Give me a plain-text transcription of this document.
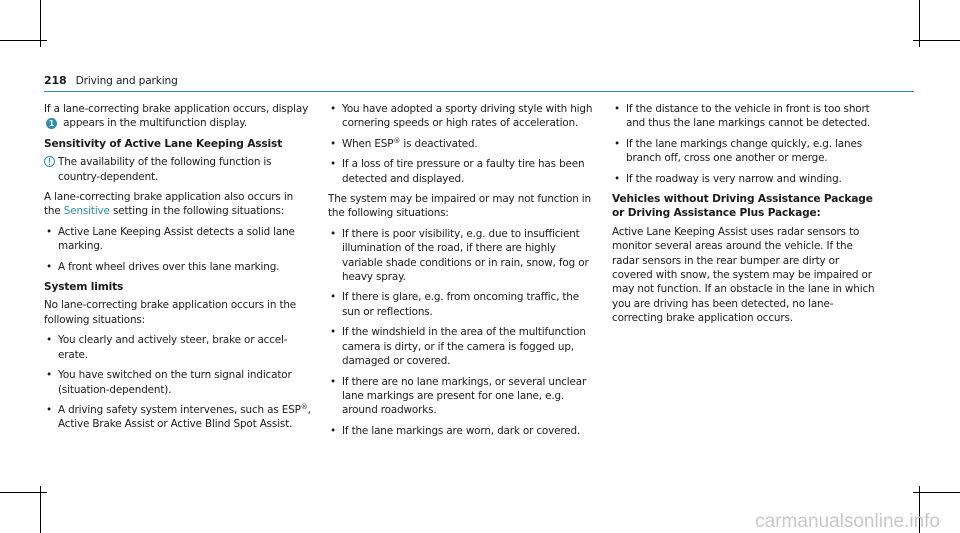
218 Driving and parking

If a lane-correcting brake application occurs, display 1 appears in the multifunction display.

Sensitivity of Active Lane Keeping Assist
The availability of the following function is country-dependent.

A lane-correcting brake application also occurs in the Sensitive setting in the following situations:

• Active Lane Keeping Assist detects a solid lane marking.
• A front wheel drives over this lane marking.
System limits

No lane-correcting brake application occurs in the following situations:

• You clearly and actively steer, brake or accelerate.
• You have switched on the turn signal indicator (situation-dependent).
• A driving safety system intervenes, such as ESP®, Active Brake Assist or Active Blind Spot Assist.
• You have adopted a sporty driving style with high cornering speeds or high rates of acceleration.
• When ESP® is deactivated.
• If a loss of tire pressure or a faulty tire has been detected and displayed.

The system may be impaired or may not function in the following situations:

• If there is poor visibility, e.g. due to insufficient illumination of the road, if there are highly variable shade conditions or in rain, snow, fog or heavy spray.
• If there is glare, e.g. from oncoming traffic, the sun or reflections.
• If the windshield in the area of the multifunction camera is dirty, or if the camera is fogged up, damaged or covered.
• If there are no lane markings, or several unclear lane markings are present for one lane, e.g. around roadworks.
• If the lane markings are worn, dark or covered.
• If the distance to the vehicle in front is too short and thus the lane markings cannot be detected.
• If the lane markings change quickly, e.g. lanes branch off, cross one another or merge.
• If the roadway is very narrow and winding.
Vehicles without Driving Assistance Package or Driving Assistance Plus Package:

Active Lane Keeping Assist uses radar sensors to monitor several areas around the vehicle. If the radar sensors in the rear bumper are dirty or covered with snow, the system may be impaired or may not function. If an obstacle in the lane in which you are driving has been detected, no lane-correcting brake application occurs.

carmanualsonline.info
